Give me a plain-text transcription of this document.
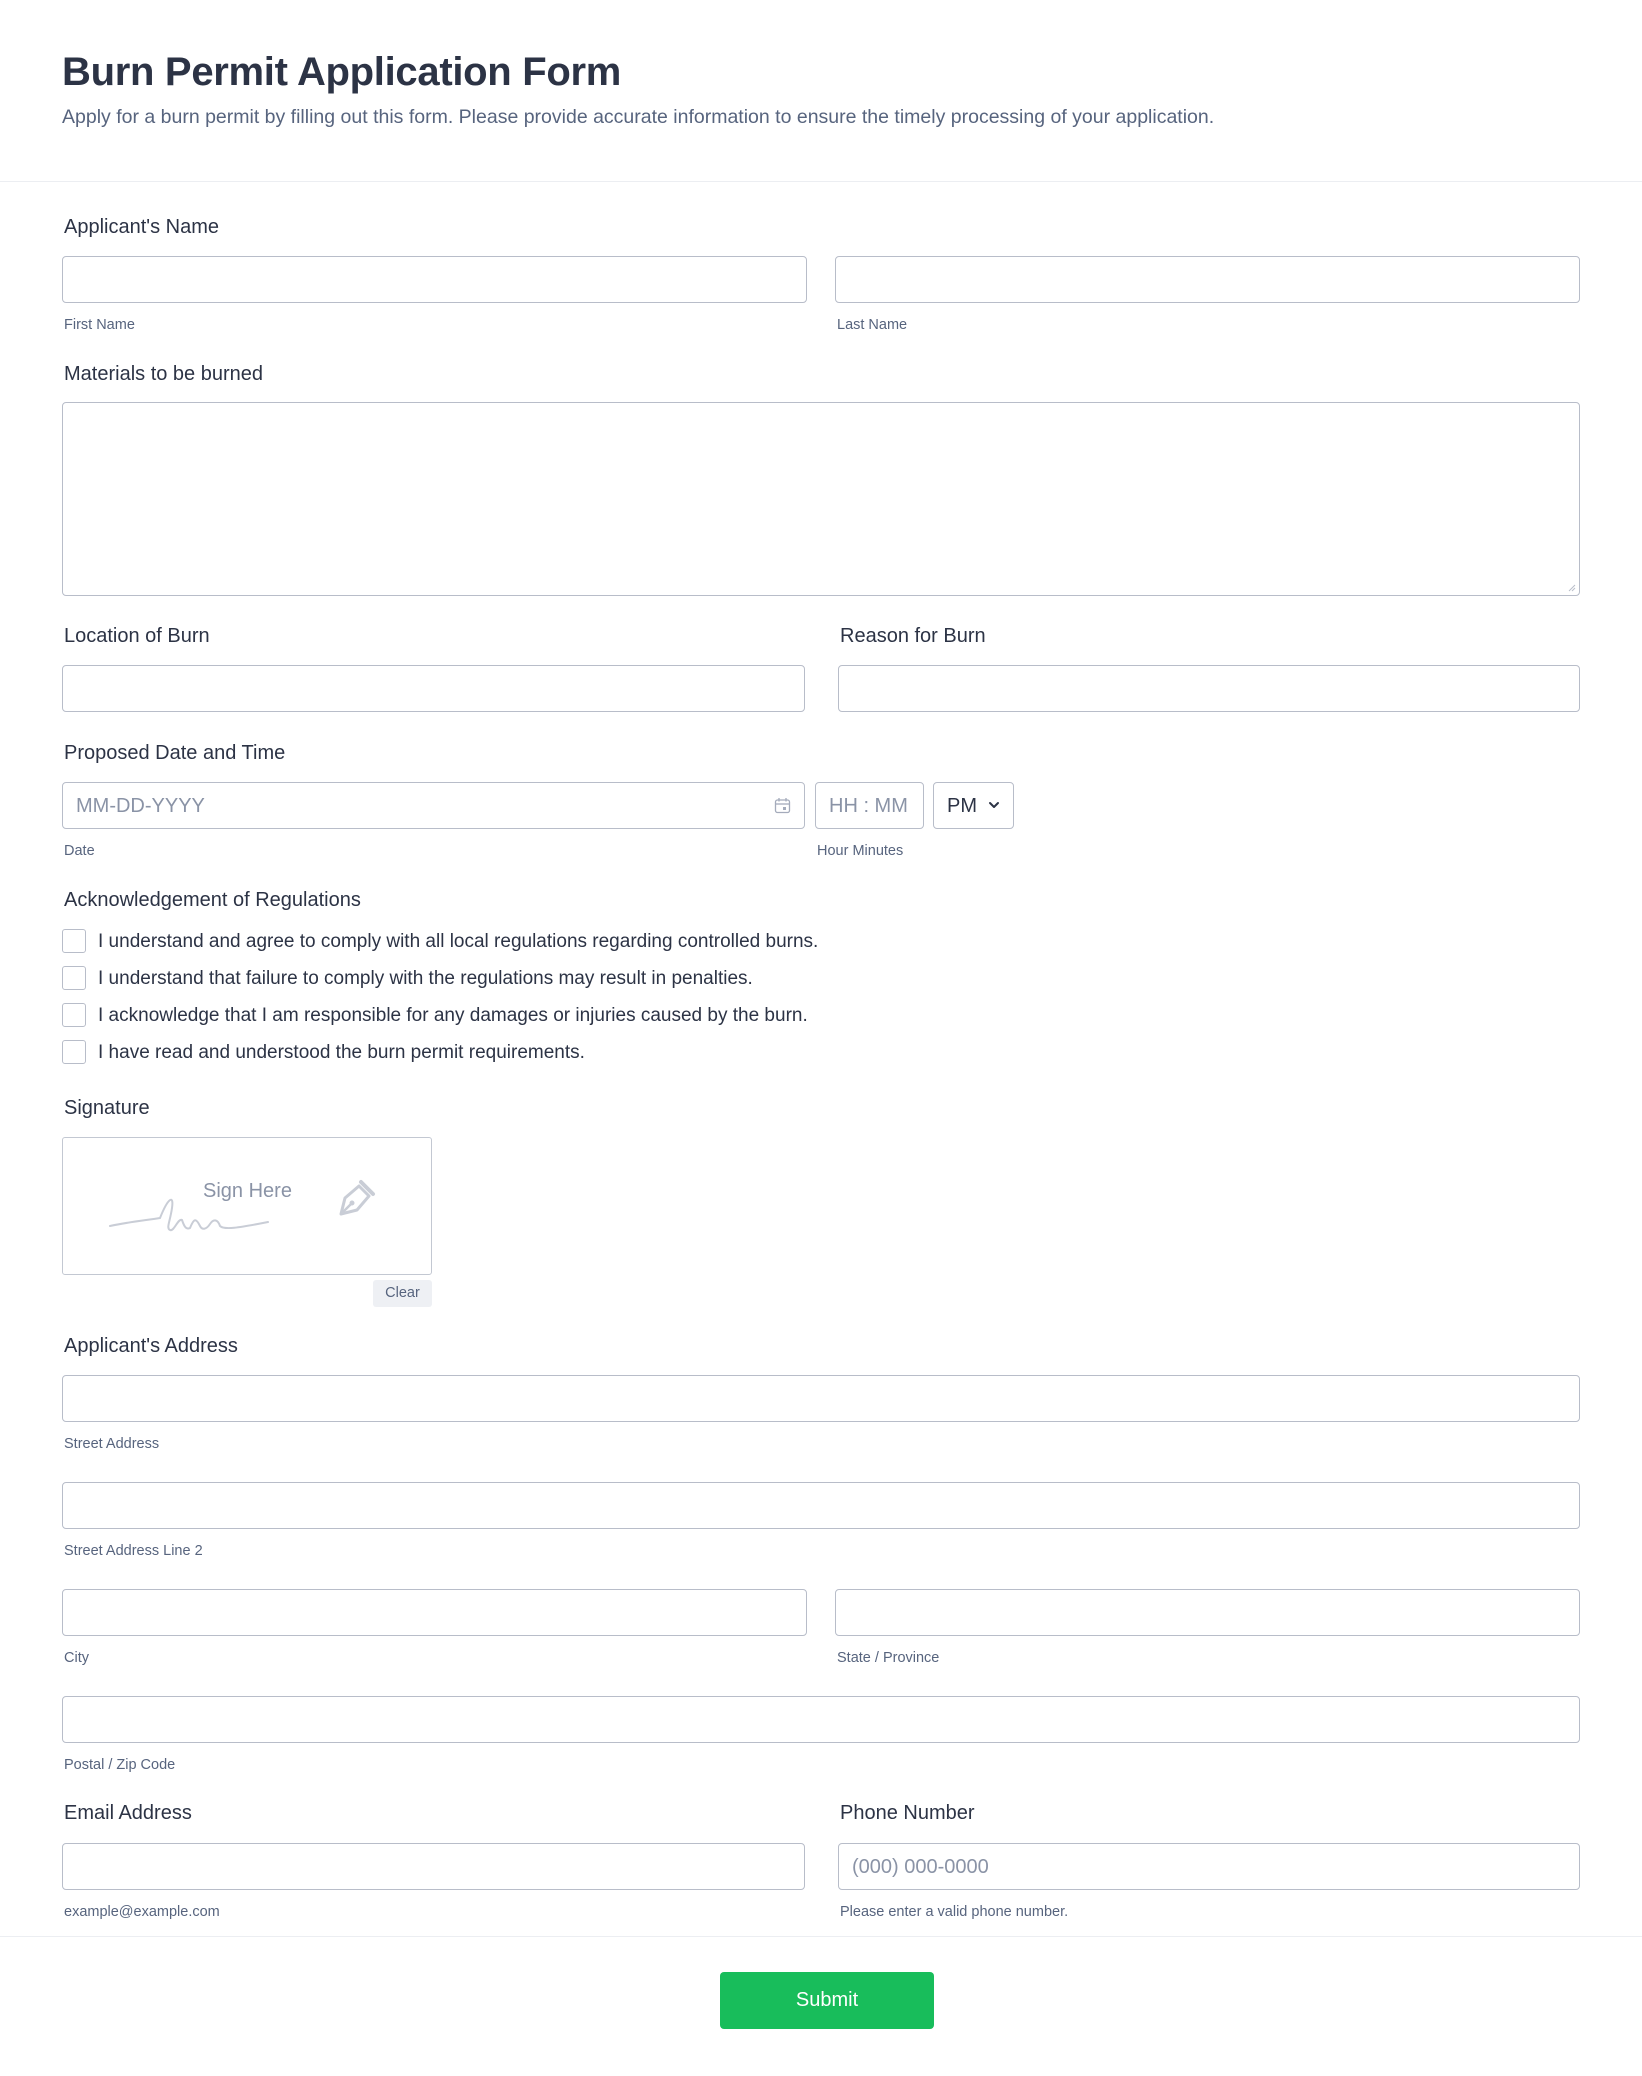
Burn Permit Application Form
Apply for a burn permit by filling out this form. Please provide accurate information to ensure the timely processing of your application.
Applicant's Name
First Name	Last Name
Materials to be burned
Location of Burn	Reason for Burn
Proposed Date and Time
MM-DD-YYYY	HH : MM PM
Date	Hour Minutes
Acknowledgement of Regulations
I understand and agree to comply with all local regulations regarding controlled burns.
I understand that failure to comply with the regulations may result in penalties.
I acknowledge that I am responsible for any damages or injuries caused by the burn.
I have read and understood the burn permit requirements.
Signature
Sign Here
Clear
Applicant's Address
Street Address
Street Address Line 2
City	State / Province
Postal / Zip Code
Email Address	Phone Number
(000) 000-0000
example@example.com	Please enter a valid phone number.
Submit
